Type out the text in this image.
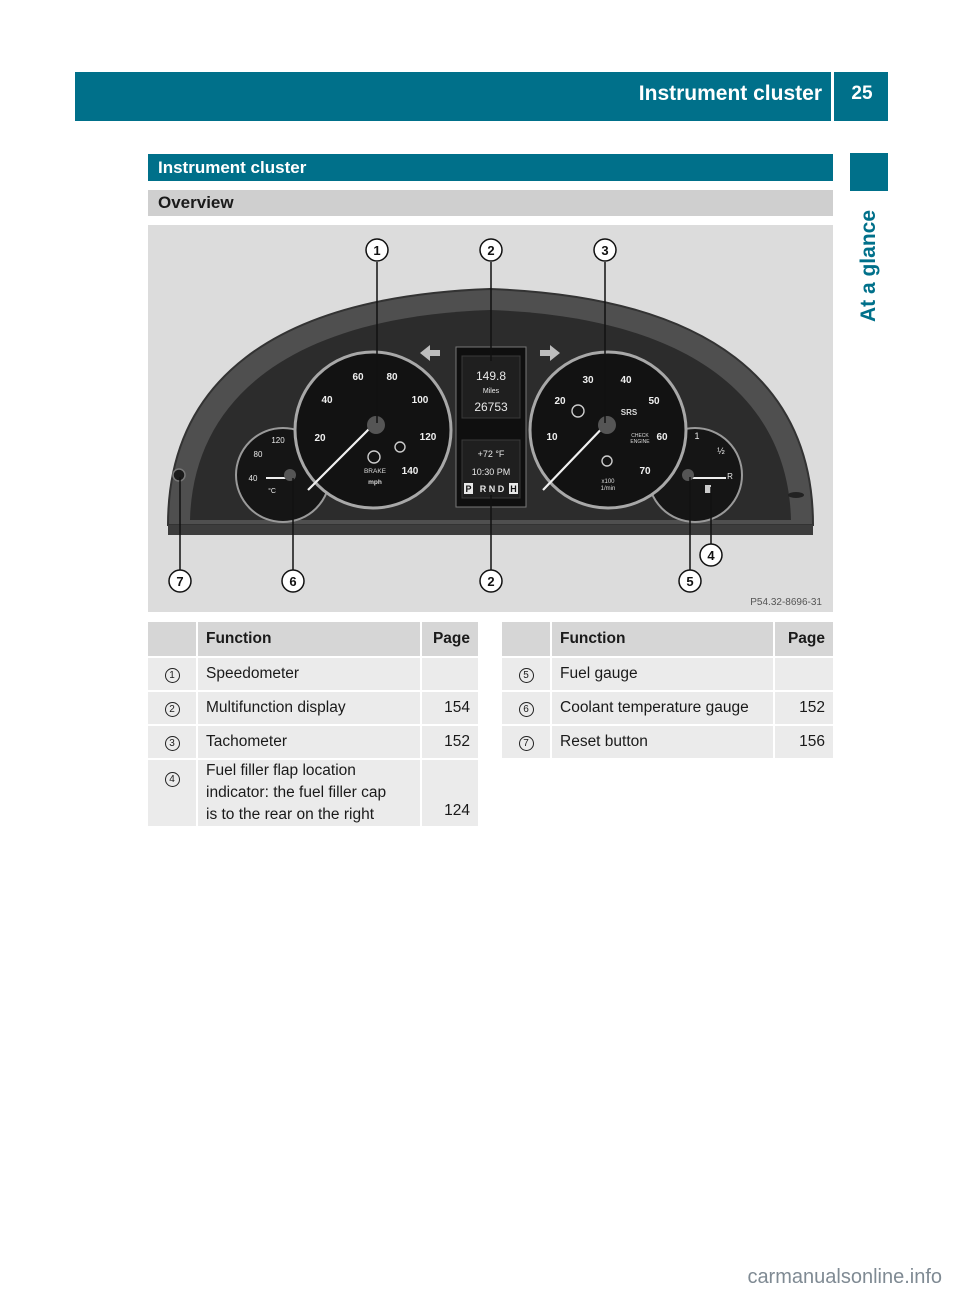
Instrument cluster	25
At a glance
Instrument cluster
Overview
120
80
40
°C
1
½
R
20
40
60 80
100
120
140
BRAKE
mph
10
20
30	40
50
60
70
SRS
CHECK
ENGINE
x100
1/min
149.8
Miles
26753
+72 °F
10:30 PM
P R N D H
1	2	3
4
5
6
7	2
P54.32-8696-31
	Function	Page
1	Speedometer	
2	Multifunction display	154
3	Tachometer	152
4	Fuel filler flap location
indicator: the fuel filler cap
is to the rear on the right	124
	Function	Page
5	Fuel gauge	
6	Coolant temperature gauge	152
7	Reset button	156
carmanualsonline.info
